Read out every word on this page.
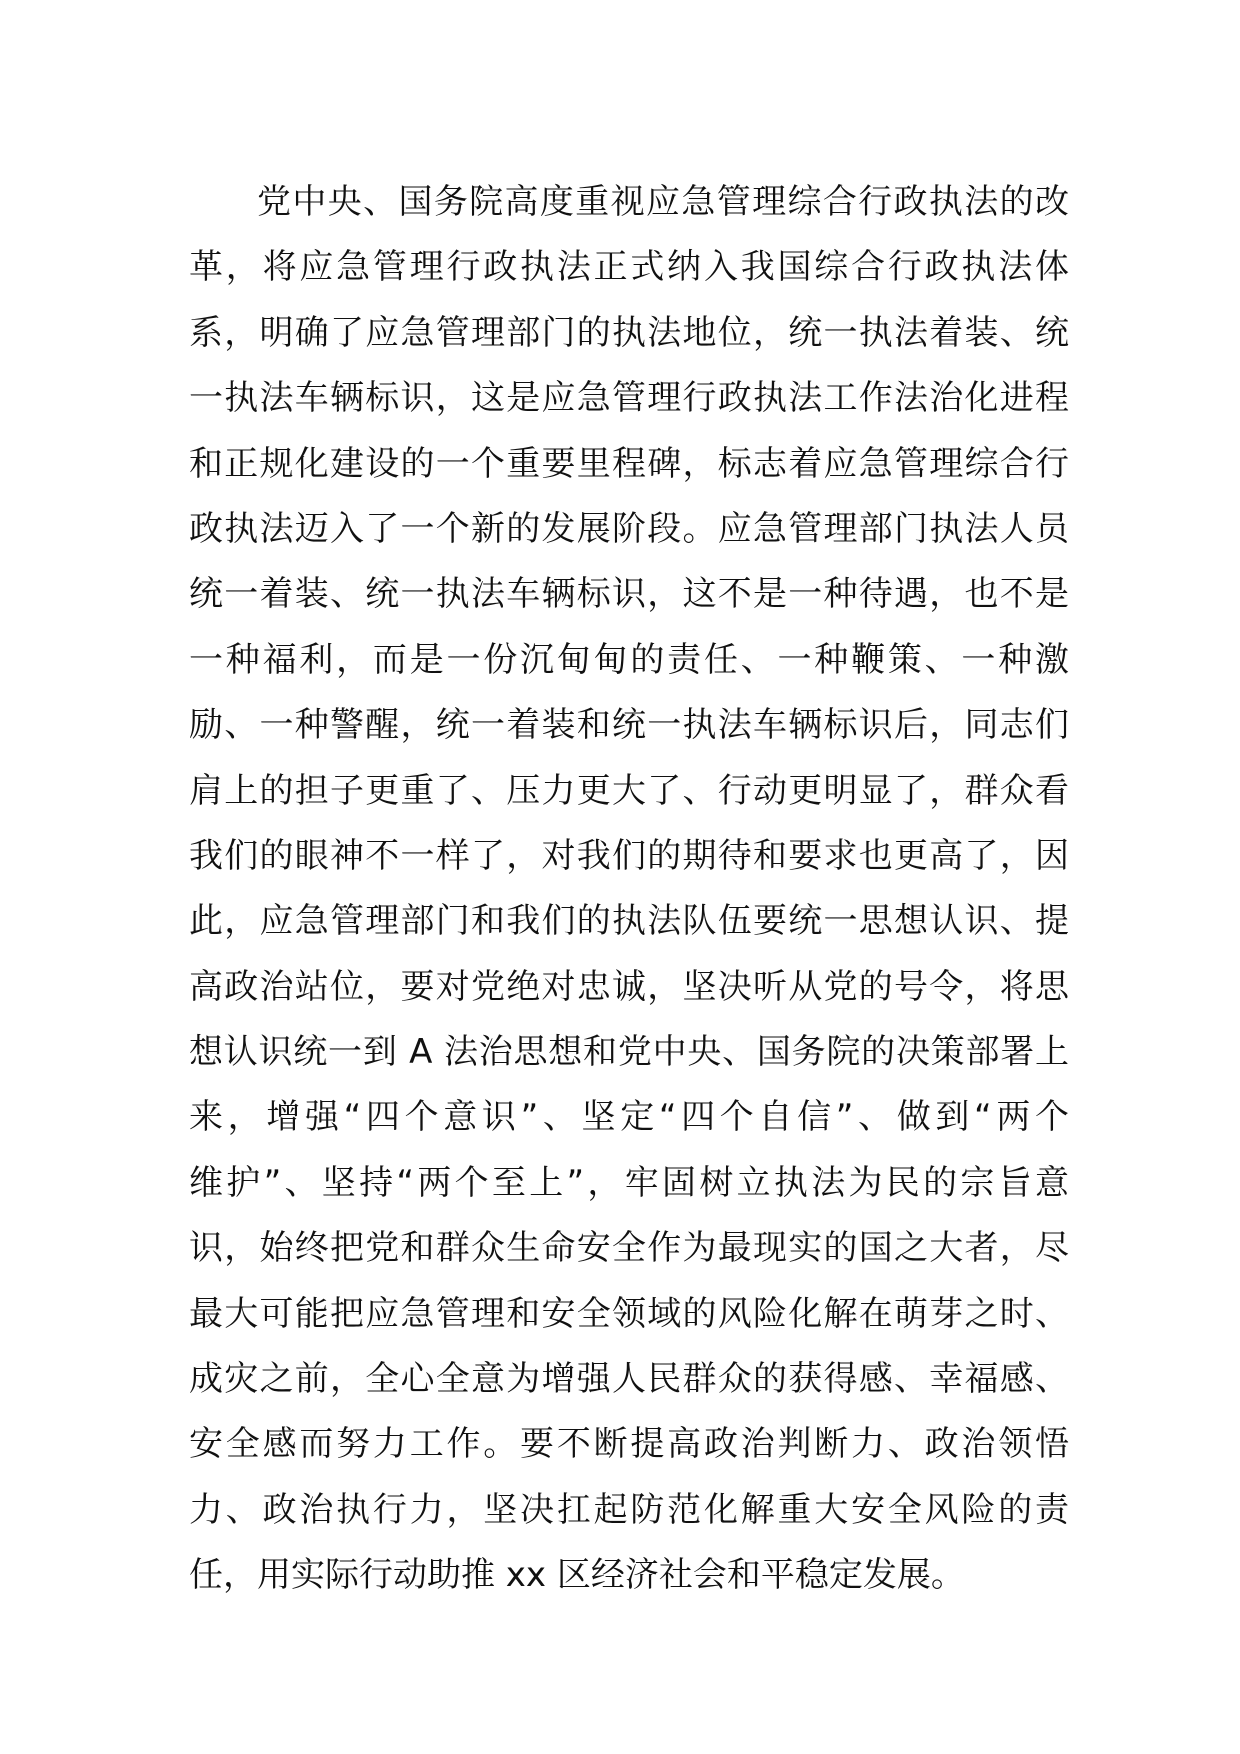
党中央、国务院高度重视应急管理综合行政执法的改
革，将应急管理行政执法正式纳入我国综合行政执法体
系，明确了应急管理部门的执法地位，统一执法着装、统
一执法车辆标识，这是应急管理行政执法工作法治化进程
和正规化建设的一个重要里程碑，标志着应急管理综合行
政执法迈入了一个新的发展阶段。应急管理部门执法人员
统一着装、统一执法车辆标识，这不是一种待遇，也不是
一种福利，而是一份沉甸甸的责任、一种鞭策、一种激
励、一种警醒，统一着装和统一执法车辆标识后，同志们
肩上的担子更重了、压力更大了、行动更明显了，群众看
我们的眼神不一样了，对我们的期待和要求也更高了，因
此，应急管理部门和我们的执法队伍要统一思想认识、提
高政治站位，要对党绝对忠诚，坚决听从党的号令，将思
想认识统一到 A 法治思想和党中央、国务院的决策部署上
来，增强“四个意识”、坚定“四个自信”、做到“两个
维护”、坚持“两个至上”，牢固树立执法为民的宗旨意
识，始终把党和群众生命安全作为最现实的国之大者，尽
最大可能把应急管理和安全领域的风险化解在萌芽之时、
成灾之前，全心全意为增强人民群众的获得感、幸福感、
安全感而努力工作。要不断提高政治判断力、政治领悟
力、政治执行力，坚决扛起防范化解重大安全风险的责
任，用实际行动助推 xx 区经济社会和平稳定发展。
